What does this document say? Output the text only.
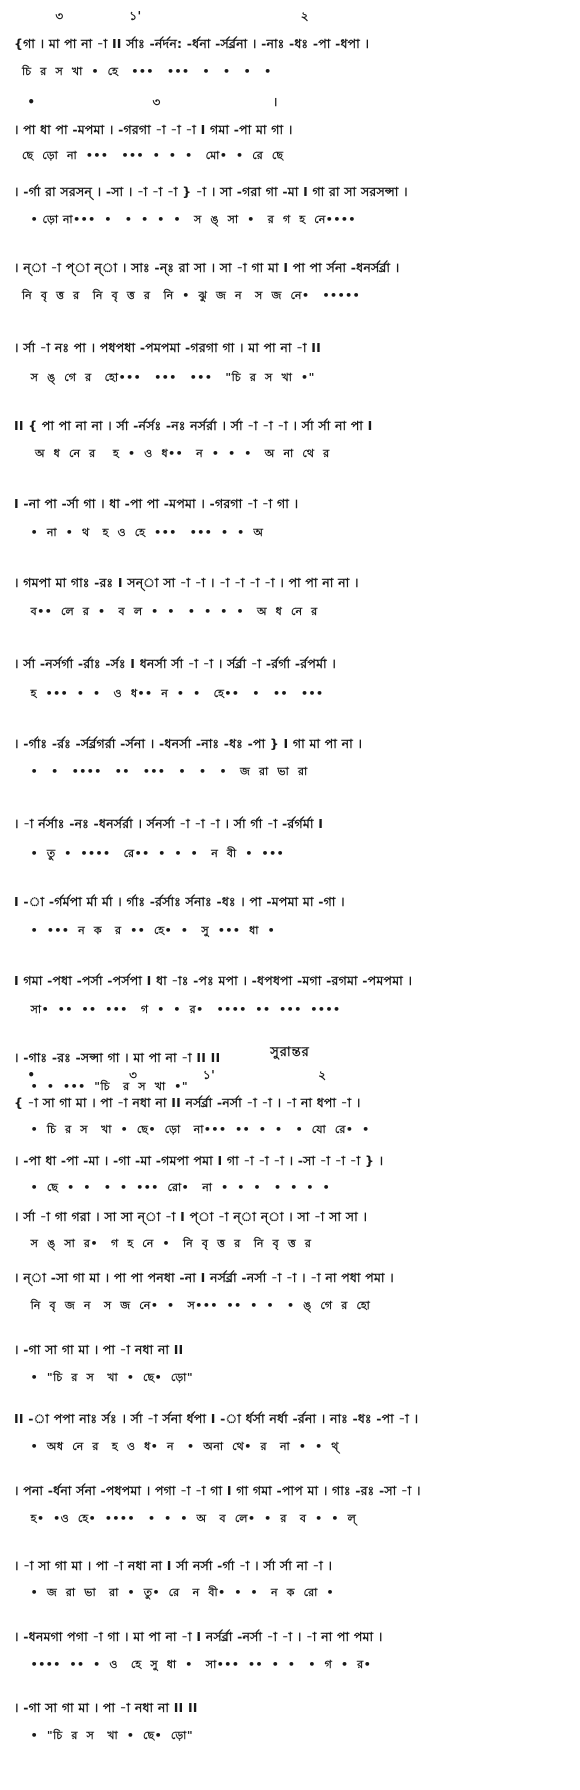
৩              ১'                                  ২
{গা । মা পা না -া II র্সাঃ -র্নর্দন: -র্ধনা -র্সর্র্রনা । -নাঃ -ধঃ -পা -ধপা ।
চি  র  স  খা  •  হে   •••   •••   •   •   •   •
•                         ৩                        ।
। পা ধা পা -মপমা । -গরগা -া -া -া I গমা -পা মা গা ।
ছে  ড়ো  না  •••   •••  •  •  •   মো•  •  রে  ছে
। -র্গা রা সরসন্ । -সা । -া -া -া } -া । সা -গরা গা -মা I গা রা সা সরসন্সা ।
• ড়ো না•••  •   •  •  •  •   স  ঙ্  সা  •   র  গ  হ  নে••••
। ন্া -া প্া ন্া । সাঃ -ন্ঃ রা সা । সা -া গা মা I পা পা র্সনা -ধনর্সর্র্রা ।
নি  বৃ  ত্ত  র   নি  বৃ  ত্ত  র   নি  •  ঝু  জ  ন   স  জ  নে•   •••••
। র্সা -া নঃ পা । পধপধা -পমপমা -গরগা গা । মা পা না -া II
স  ঙ্  গে  র   হো•••   •••   •••   "চি  র  স  খা  •"
II { পা পা না না । র্সা -র্নর্সঃ -নঃ নর্সর্রা । র্সা -া -া -া । র্সা র্সা না পা I
অ  ধ  নে  র    হ  •  ও  ধ••   ন  •  •  •   অ  না  থে  র
I -না পা -র্সা গা । ধা -পা পা -মপমা । -গরগা -া -া গা ।
•  না  •  থ   হ  ও  হে  •••   •••  •  •  অ
। গমপা মা গাঃ -রঃ I সন্া সা -া -া । -া -া -া -া । পা পা না না ।
ব••  লে  র  •   ব  ল  •  •   •  •  •  •   অ  ধ  নে  র
। র্সা -নর্সর্গা -র্রাঃ -র্সঃ I ধনর্সা র্সা -া -া । র্সর্র্রা -া -র্রর্গা -র্রপর্মা ।
হ  •••  •  •   ও  ধ••  ন  •  •   হে••   •   ••   •••
। -র্গাঃ -র্রঃ -র্সর্র্রগর্রা -র্সনা । -ধনর্সা -নাঃ -ধঃ -পা } I গা মা পা না ।
•   •   ••••   ••   •••   •   •   •   জ  রা  ভা  রা
। -া র্নর্সাঃ -নঃ -ধনর্সর্রা । র্সনর্সা -া -া -া । র্সা র্গা -া -র্রর্গর্মা I
•  তু  •  ••••   রে••  •  •  •   ন  বী  •  •••
I -া -র্গর্মপা র্মা র্মা । র্গাঃ -র্রর্সাঃ র্সনাঃ -ধঃ । পা -মপমা মা -গা ।
•  •••  ন  ক   র  ••  হে•  •   সু  •••  ধা  •
I গমা -পধা -পর্সা -পর্সপা I ধা -াঃ -পঃ মপা । -ধপধপা -মগা -রগমা -পমপমা ।
সা•  ••  ••  •••   গ  •  •  র•   ••••  ••  •••  ••••
। -গাঃ -রঃ -সন্সা গা । মা পা না -া II II
•  •  •••  "চি   র  স  খা  •"
সুরান্তর
•                    ৩              ১'                      ২
{ -া সা গা মা । পা -া নধা না II নর্সর্র্রা -নর্সা -া -া । -া না ধপা -া ।
•  চি  র  স   খা  •  ছে•  ড়ো   না•••  ••  •  •   •  যো  রে•  •
। -পা ধা -পা -মা । -গা -মা -গমপা পমা I গা -া -া -া । -সা -া -া -া } ।
•  ছে  •  •   •  •  •••  রো•   না  •  •  •   •  •  •  •
। র্সা -া গা গরা । সা সা ন্া -া I প্া -া ন্া ন্া । সা -া সা সা ।
স  ঙ্  সা  র•   গ  হ  নে  •   নি  বৃ  ত্ত  র   নি  বৃ  ত্ত  র
। ন্া -সা গা মা । পা পা পনধা -না I নর্সর্র্রা -নর্সা -া -া । -া না পধা পমা ।
নি  বৃ  জ  ন   স  জ  নে•  •   স•••  ••  •  •   •  ঙ্  গে  র  হো
। -গা সা গা মা । পা -া নধা না II
•  "চি  র  স   খা  •  ছে•  ড়ো"
II -া পপা নাঃ র্সঃ । র্সা -া র্সনা র্ধপা I -া র্ধর্সা নর্ধা -র্রনা । নাঃ -ধঃ -পা -া ।
•  অধ  নে  র   হ  ও  ধ•  ন   •  অনা  থে•  র   না  •  •  থ্
। পনা -র্ধনা র্সনা -পধপমা । পগা -া -া গা I গা গমা -পাপ মা । গাঃ -রঃ -সা -া ।
হ•  •ও  হে•  ••••   •  •  •  অ   ব  লে•  •  র   ব  •  •  ল্
। -া সা গা মা । পা -া নধা না I র্সা নর্সা -র্গা -া । র্সা র্সা না -া ।
•  জ  রা  ভা   রা  •  তু•  রে   ন  বী•  •  •   ন  ক  রো  •
। -ধনমগা পগা -া গা । মা পা না -া I নর্সর্র্রা -নর্সা -া -া । -া না পা পমা ।
••••  ••  •  ও   হে  সু  ধা  •   সা•••  ••  •  •   •  গ  •  র•
। -গা সা গা মা । পা -া নধা না II II
•  "চি  র  স   খা  •  ছে•  ড়ো"
